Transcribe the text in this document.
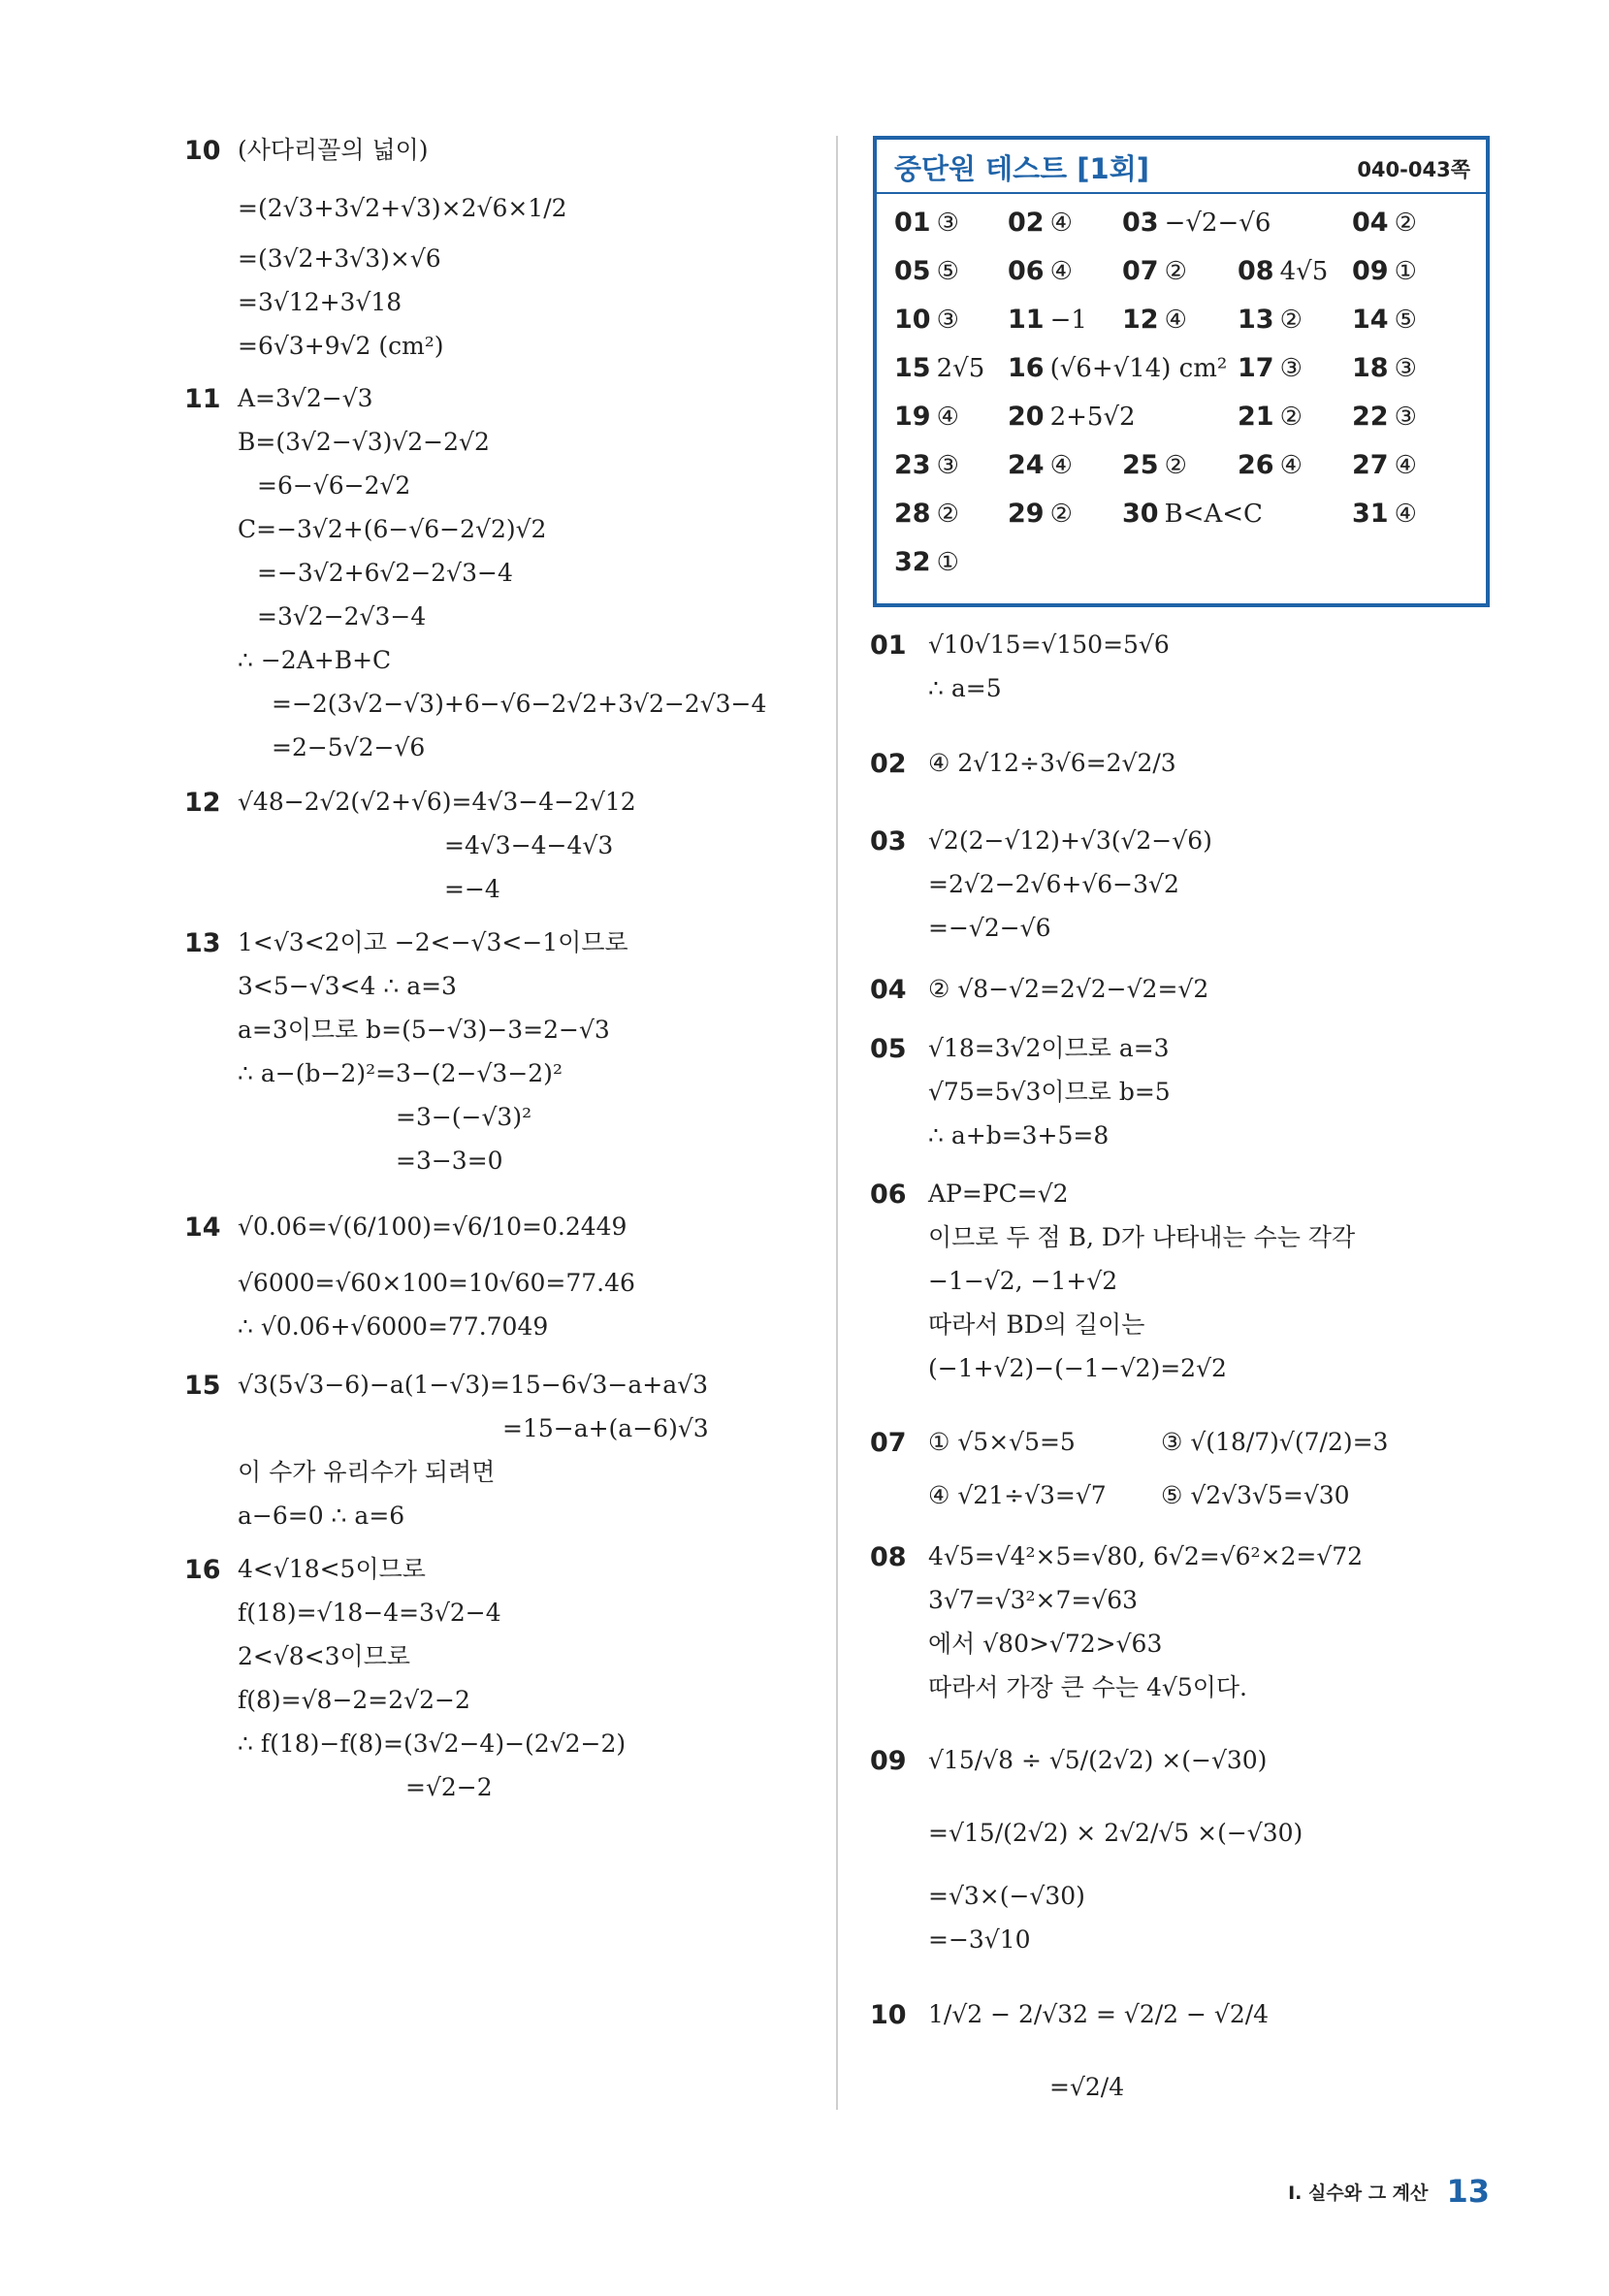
10 (사다리꼴의 넓이)
=(2√3+3√2+√3)×2√6×1/2
=(3√2+3√3)×√6
=3√12+3√18
=6√3+9√2 (cm²)
11 A=3√2−√3
B=(3√2−√3)√2−2√2
=6−√6−2√2
C=−3√2+(6−√6−2√2)√2
=−3√2+6√2−2√3−4
=3√2−2√3−4
∴ −2A+B+C
=−2(3√2−√3)+6−√6−2√2+3√2−2√3−4
=2−5√2−√6
12 √48−2√2(√2+√6)=4√3−4−2√12
=4√3−4−4√3
=−4
13 1<√3<2이고 −2<−√3<−1이므로
3<5−√3<4 ∴ a=3
a=3이므로 b=(5−√3)−3=2−√3
∴ a−(b−2)²=3−(2−√3−2)²
=3−(−√3)²
=3−3=0
14 √0.06=√(6/100)=√6/10=0.2449
√6000=√60×100=10√60=77.46
∴ √0.06+√6000=77.7049
15 √3(5√3−6)−a(1−√3)=15−6√3−a+a√3
=15−a+(a−6)√3
이 수가 유리수가 되려면
a−6=0 ∴ a=6
16 4<√18<5이므로
f(18)=√18−4=3√2−4
2<√8<3이므로
f(8)=√8−2=2√2−2
∴ f(18)−f(8)=(3√2−4)−(2√2−2)
=√2−2
중단원 테스트 [1회]	040-043쪽
01 ③ 02 ④ 03 −√2−√6	04 ②
05 ⑤ 06 ④ 07 ② 08 4√5 09 ①
10 ③ 11 −1 12 ④ 13 ② 14 ⑤
15 2√5 16 (√6+√14) cm² 17 ③ 18 ③
19 ④ 20 2+5√2	21 ② 22 ③
23 ③ 24 ④ 25 ② 26 ④ 27 ④
28 ② 29 ② 30 B<A<C	31 ④
32 ①
01 √10√15=√150=5√6
∴ a=5
02 ④ 2√12÷3√6=2√2/3
03 √2(2−√12)+√3(√2−√6)
=2√2−2√6+√6−3√2
=−√2−√6
04 ② √8−√2=2√2−√2=√2
05 √18=3√2이므로 a=3
√75=5√3이므로 b=5
∴ a+b=3+5=8
06 AP=PC=√2
이므로 두 점 B, D가 나타내는 수는 각각
−1−√2, −1+√2
따라서 BD의 길이는
(−1+√2)−(−1−√2)=2√2
07 ① √5×√5=5	③ √(18/7)√(7/2)=3
④ √21÷√3=√7 ⑤ √2√3√5=√30
08 4√5=√4²×5=√80, 6√2=√6²×2=√72
3√7=√3²×7=√63
에서 √80>√72>√63
따라서 가장 큰 수는 4√5이다.
09 √15/√8 ÷ √5/(2√2) ×(−√30)
=√15/(2√2) × 2√2/√5 ×(−√30)
=√3×(−√30)
=−3√10
10 1/√2 − 2/√32 = √2/2 − √2/4
=√2/4
I. 실수와 그 계산 13
